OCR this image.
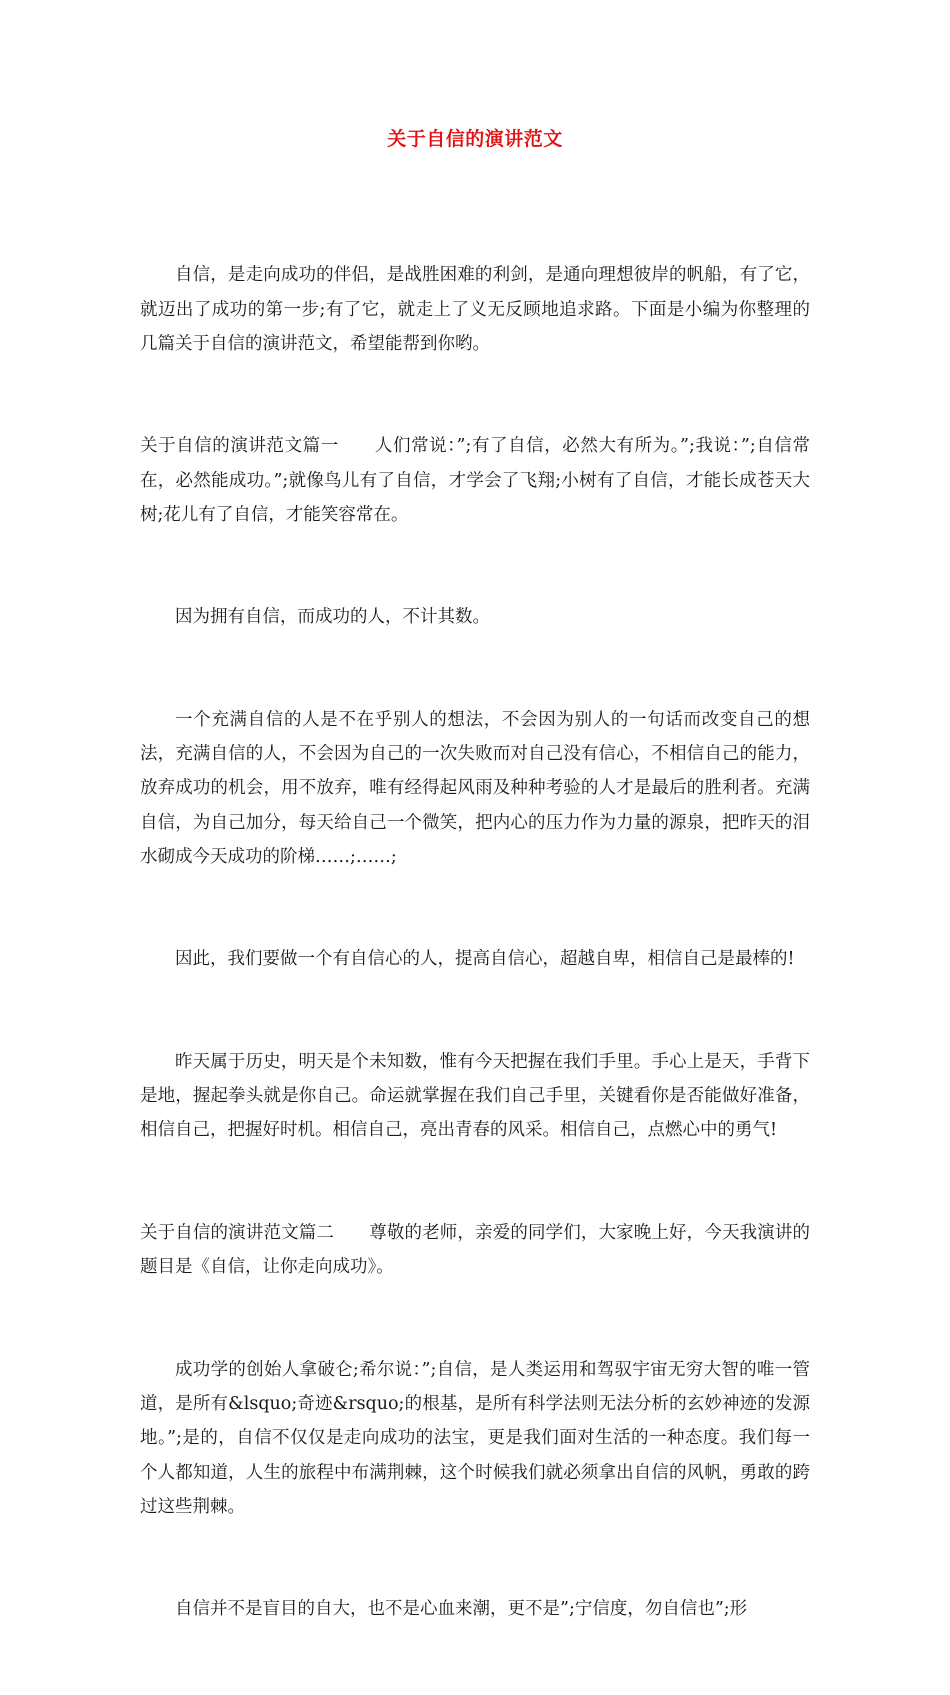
关于自信的演讲范文

自信，是走向成功的伴侣，是战胜困难的利剑，是通向理想彼岸的帆船，有了它，就迈出了成功的第一步;有了它，就走上了义无反顾地追求路。下面是小编为你整理的几篇关于自信的演讲范文，希望能帮到你哟。

关于自信的演讲范文篇一　　人们常说：”;有了自信，必然大有所为。”;我说：”;自信常在，必然能成功。”;就像鸟儿有了自信，才学会了飞翔;小树有了自信，才能长成苍天大树;花儿有了自信，才能笑容常在。

因为拥有自信，而成功的人，不计其数。

一个充满自信的人是不在乎别人的想法，不会因为别人的一句话而改变自己的想法，充满自信的人，不会因为自己的一次失败而对自己没有信心，不相信自己的能力，放弃成功的机会，用不放弃，唯有经得起风雨及种种考验的人才是最后的胜利者。充满自信，为自己加分，每天给自己一个微笑，把内心的压力作为力量的源泉，把昨天的泪水砌成今天成功的阶梯……;……;

因此，我们要做一个有自信心的人，提高自信心，超越自卑，相信自己是最棒的!

昨天属于历史，明天是个未知数，惟有今天把握在我们手里。手心上是天，手背下是地，握起拳头就是你自己。命运就掌握在我们自己手里，关键看你是否能做好准备，相信自己，把握好时机。相信自己，亮出青春的风采。相信自己，点燃心中的勇气!

关于自信的演讲范文篇二　　尊敬的老师，亲爱的同学们，大家晚上好，今天我演讲的题目是《自信，让你走向成功》。

成功学的创始人拿破仑;希尔说：”;自信，是人类运用和驾驭宇宙无穷大智的唯一管道，是所有&lsquo;奇迹&rsquo;的根基，是所有科学法则无法分析的玄妙神迹的发源地。”;是的，自信不仅仅是走向成功的法宝，更是我们面对生活的一种态度。我们每一个人都知道，人生的旅程中布满荆棘，这个时候我们就必须拿出自信的风帆，勇敢的跨过这些荆棘。

自信并不是盲目的自大，也不是心血来潮，更不是”;宁信度，勿自信也”;形
